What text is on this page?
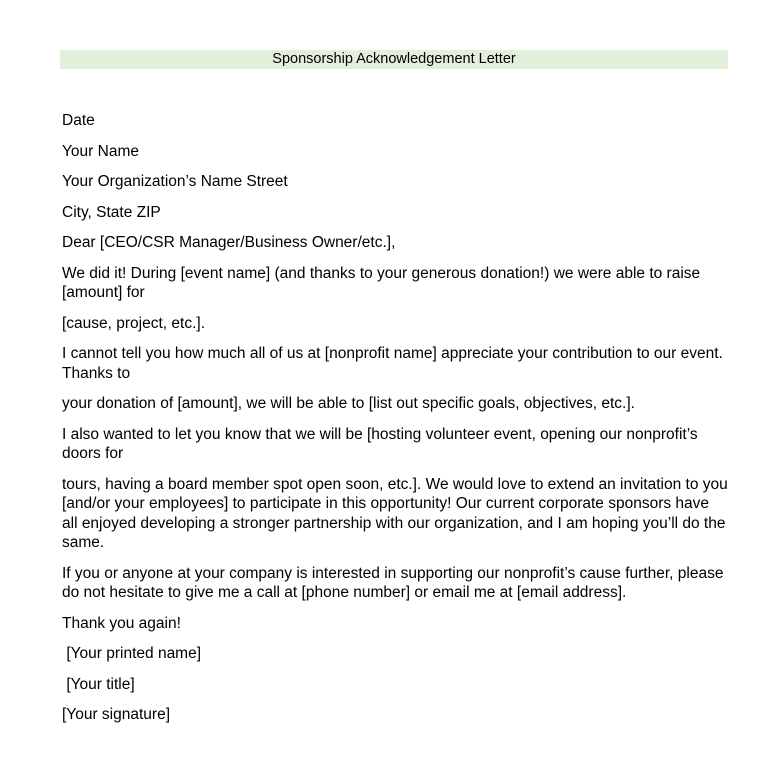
Sponsorship Acknowledgement Letter

Date

Your Name

Your Organization’s Name Street

City, State ZIP

Dear [CEO/CSR Manager/Business Owner/etc.],

We did it! During [event name] (and thanks to your generous donation!) we were able to raise [amount] for

[cause, project, etc.].

I cannot tell you how much all of us at [nonprofit name] appreciate your contribution to our event. Thanks to

your donation of [amount], we will be able to [list out specific goals, objectives, etc.].

I also wanted to let you know that we will be [hosting volunteer event, opening our nonprofit’s doors for

tours, having a board member spot open soon, etc.]. We would love to extend an invitation to you [and/or your employees] to participate in this opportunity! Our current corporate sponsors have all enjoyed developing a stronger partnership with our organization, and I am hoping you’ll do the same.

If you or anyone at your company is interested in supporting our nonprofit’s cause further, please do not hesitate to give me a call at [phone number] or email me at [email address].

Thank you again!

[Your printed name]

[Your title]

[Your signature]
